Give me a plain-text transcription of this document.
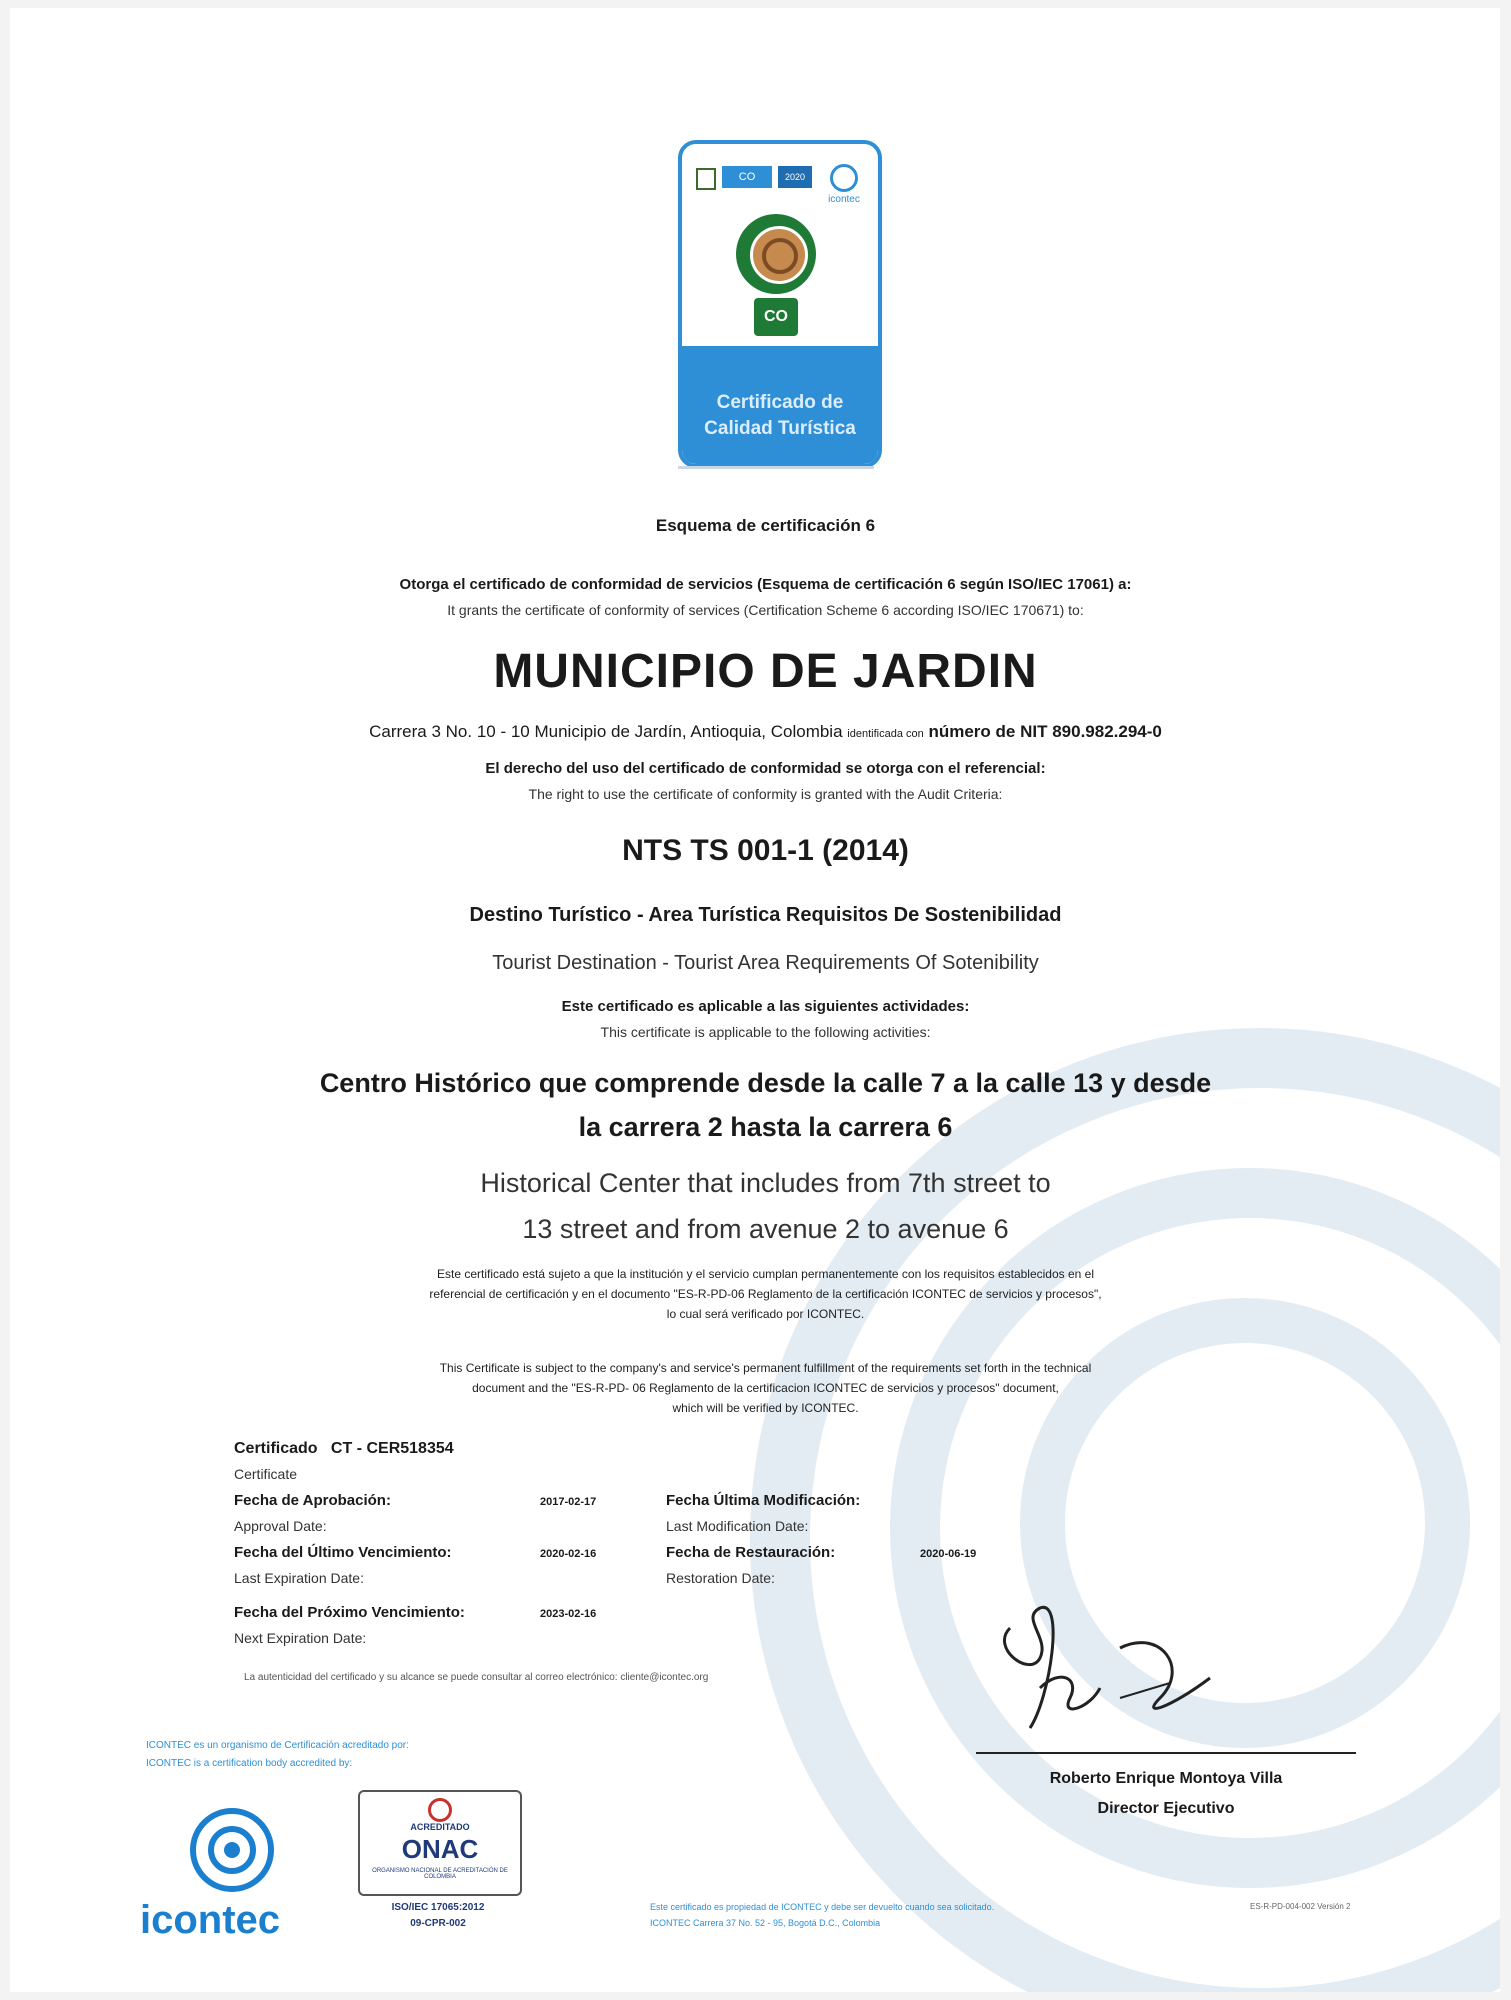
CO	2020
icontec
CO
Certificado de
Calidad Turística
Esquema de certificación 6
Otorga el certificado de conformidad de servicios (Esquema de certificación 6 según ISO/IEC 17061) a:
It grants the certificate of conformity of services (Certification Scheme 6 according ISO/IEC 170671) to:
MUNICIPIO DE JARDIN
Carrera 3 No. 10 - 10 Municipio de Jardín, Antioquia, Colombia identificada con número de NIT 890.982.294-0
El derecho del uso del certificado de conformidad se otorga con el referencial:
The right to use the certificate of conformity is granted with the Audit Criteria:
NTS TS 001-1 (2014)
Destino Turístico - Area Turística Requisitos De Sostenibilidad
Tourist Destination - Tourist Area Requirements Of Sotenibility
Este certificado es aplicable a las siguientes actividades:
This certificate is applicable to the following activities:
Centro Histórico que comprende desde la calle 7 a la calle 13 y desde
la carrera 2 hasta la carrera 6
Historical Center that includes from 7th street to
13 street and from avenue 2 to avenue 6
Este certificado está sujeto a que la institución y el servicio cumplan permanentemente con los requisitos establecidos en el
referencial de certificación y en el documento "ES-R-PD-06 Reglamento de la certificación ICONTEC de servicios y procesos",
lo cual será verificado por ICONTEC.
This Certificate is subject to the company's and service's permanent fulfillment of the requirements set forth in the technical
document and the "ES-R-PD- 06 Reglamento de la certificacion ICONTEC de servicios y procesos" document,
which will be verified by ICONTEC.
Certificado CT - CER518354
Certificate
Fecha de Aprobación:
Approval Date:
2017-02-17
Fecha del Último Vencimiento:
Last Expiration Date:
2020-02-16
Fecha del Próximo Vencimiento:
Next Expiration Date:
2023-02-16
Fecha Última Modificación:
Last Modification Date:
Fecha de Restauración:
Restoration Date:
2020-06-19
La autenticidad del certificado y su alcance se puede consultar al correo electrónico: cliente@icontec.org
Roberto Enrique Montoya Villa
Director Ejecutivo
ICONTEC es un organismo de Certificación acreditado por:
ICONTEC is a certification body accredited by:
icontec
ACREDITADO
ONAC
ORGANISMO NACIONAL DE ACREDITACIÓN DE COLOMBIA
ISO/IEC 17065:2012
09-CPR-002
Este certificado es propiedad de ICONTEC y debe ser devuelto cuando sea solicitado.
ICONTEC Carrera 37 No. 52 - 95, Bogotá D.C., Colombia
ES-R-PD-004-002 Versión 2
